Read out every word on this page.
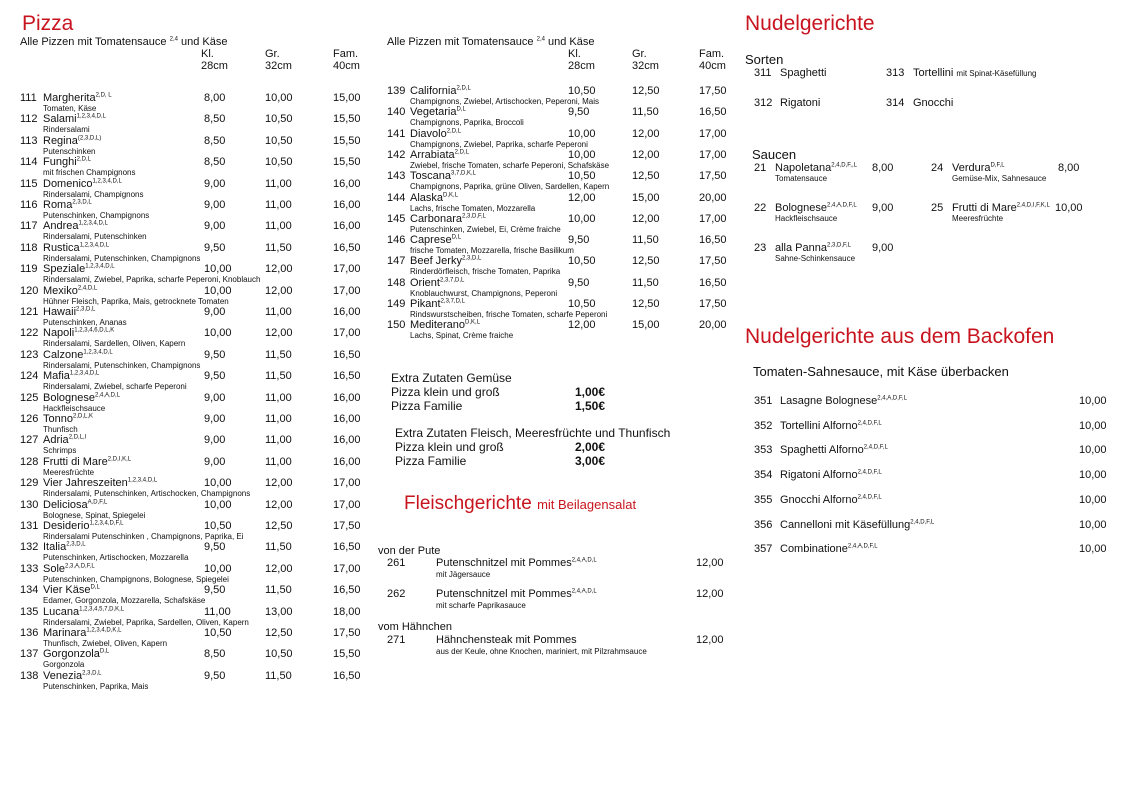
Pizza
Alle Pizzen mit Tomatensauce $^{2,4}$ und Käse
Kl.
28cm
Gr.
32cm
Fam.
40cm
111 Margherita$^{2,D, L}$
Tomaten, Käse
8,00	10,00	15,00
112 Salami$^{1,2,3,4,D,L}$
Rindersalami
8,50	10,50	15,50
113 Regina$^{(2,3,D,L)}$
Putenschinken
8,50	10,50	15,50
114 Funghi$^{2,D,L}$
mit frischen Champignons
8,50	10,50	15,50
115 Domenico$^{1,2,3,4,D,L}$
Rindersalami, Champignons
9,00	11,00	16,00
116 Roma$^{2,3,D,L}$
Putenschinken, Champignons
9,00	11,00	16,00
117 Andrea$^{1,2,3,4,D,L}$
Rindersalami, Putenschinken
9,00	11,00	16,00
118 Rustica$^{1,2,3,4,D,L}$
Rindersalami, Putenschinken, Champignons
9,50	11,50	16,50
119 Speziale$^{1,2,3,4,D,L}$
Rindersalami, Zwiebel, Paprika, scharfe Peperoni, Knoblauch
10,00	12,00	17,00
120 Mexiko$^{2,4,D,L}$
Hühner Fleisch, Paprika, Mais, getrocknete Tomaten
10,00	12,00	17,00
121 Hawaii$^{2,3,D,L}$
Putenschinken, Ananas
9,00	11,00	16,00
122 Napoli$^{1,2,3,4,6,D,L,K}$
Rindersalami, Sardellen, Oliven, Kapern
10,00	12,00	17,00
123 Calzone$^{1,2,3,4,D,L}$
Rindersalami, Putenschinken, Champignons
9,50	11,50	16,50
124 Mafia$^{1,2,3,4,D,L}$
Rindersalami, Zwiebel, scharfe Peperoni
9,50	11,50	16,50
125 Bolognese$^{2,4,A,D,L}$
Hackfleischsauce
9,00	11,00	16,00
126 Tonno$^{2,D,L,K}$
Thunfisch
9,00	11,00	16,00
127 Adria$^{2,D,L,I}$
Schrimps
9,00	11,00	16,00
128 Frutti di Mare$^{2,D,I,K,L}$
Meeresfrüchte
9,00	11,00	16,00
129 Vier Jahreszeiten$^{1,2,3,4,D,L}$
Rindersalami, Putenschinken, Artischocken, Champignons
10,00	12,00	17,00
130 Deliciosa$^{A,D,F,L}$
Bolognese, Spinat, Spiegelei
10,00	12,00	17,00
131 Desiderio$^{1,2,3,4,D,F,L}$
Rindersalami Putenschinken , Champignons, Paprika, Ei
10,50	12,50	17,50
132 Italia$^{2,3,D,L}$
Putenschinken, Artischocken, Mozzarella
9,50	11,50	16,50
133 Sole$^{2,3,A,D,F,L}$
Putenschinken, Champignons, Bolognese, Spiegelei
10,00	12,00	17,00
134 Vier Käse$^{D,L}$
Edamer, Gorgonzola, Mozzarella, Schafskäse
9,50	11,50	16,50
135 Lucana$^{1,2,3,4,5,7,D,K,L}$
Rindersalami, Zwiebel, Paprika, Sardellen, Oliven, Kapern
11,00	13,00	18,00
136 Marinara$^{1,2,3,4,D,K,L}$
Thunfisch, Zwiebel, Oliven, Kapern
10,50	12,50	17,50
137 Gorgonzola$^{D,L}$
Gorgonzola
8,50	10,50	15,50
138 Venezia$^{2,3,D,L}$
Putenschinken, Paprika, Mais
9,50	11,50	16,50
Alle Pizzen mit Tomatensauce $^{2,4}$ und Käse
Kl.
28cm
Gr.
32cm
Fam.
40cm
139 California$^{2,D,L}$
Champignons, Zwiebel, Artischocken, Peperoni, Mais
10,50	12,50	17,50
140 Vegetaria$^{D,L}$
Champignons, Paprika, Broccoli
9,50	11,50	16,50
141 Diavolo$^{2,D,L}$
Champignons, Zwiebel, Paprika, scharfe Peperoni
10,00	12,00	17,00
142 Arrabiata$^{2,D,L}$
Zwiebel, frische Tomaten, scharfe Peperoni, Schafskäse
10,00	12,00	17,00
143 Toscana$^{3,7,D,K,L}$
Champignons, Paprika, grüne Oliven, Sardellen, Kapern
10,50	12,50	17,50
144 Alaska$^{D,K,L}$
Lachs, frische Tomaten, Mozzarella
12,00	15,00	20,00
145 Carbonara$^{2,3,D,F,L}$
Putenschinken, Zwiebel, Ei, Crème fraiche
10,00	12,00	17,00
146 Caprese$^{D,L}$
frische Tomaten, Mozzarella, frische Basilikum
9,50	11,50	16,50
147 Beef Jerky$^{2,3,D,L}$
Rinderdörfleisch, frische Tomaten, Paprika
10,50	12,50	17,50
148 Orient$^{2,3,7,D,L}$
Knoblauchwurst, Champignons, Peperoni
9,50	11,50	16,50
149 Pikant$^{2,3,7,D,L}$
Rindswurstscheiben, frische Tomaten, scharfe Peperoni
10,50	12,50	17,50
150 Mediterano$^{D,K,L}$
Lachs, Spinat, Crème fraiche
12,00	15,00	20,00
Extra Zutaten Gemüse
Pizza klein und groß	1,00€
Pizza Familie	1,50€
Extra Zutaten Fleisch, Meeresfrüchte und Thunfisch
Pizza klein und groß	2,00€
Pizza Familie	3,00€
Fleischgerichte mit Beilagensalat
von der Pute
261	Putenschnitzel mit Pommes$^{2,4,A,D,L}$
mit Jägersauce
12,00
262	Putenschnitzel mit Pommes$^{2,4,A,D,L}$
mit scharfe Paprikasauce
12,00
vom Hähnchen
271	Hähnchensteak mit Pommes
aus der Keule, ohne Knochen, mariniert, mit Pilzrahmsauce
12,00
Nudelgerichte
Sorten
311 Spaghetti	313 Tortellini mit Spinat-Käsefüllung
312 Rigatoni	314 Gnocchi
Saucen
21 Napoletana$^{2,4,D,F,,L}$
Tomatensauce
8,00	24 Verdura$^{D,F,L}$
Gemüse-Mix, Sahnesauce
8,00
22 Bolognese$^{2,4,A,D,F,L}$
Hackfleischsauce
9,00	25 Frutti di Mare$^{2,4,D,I,F,K,L}$
Meeresfrüchte
10,00
23 alla Panna$^{2,3,D,F,L}$
Sahne-Schinkensauce
9,00
Nudelgerichte aus dem Backofen
Tomaten-Sahnesauce, mit Käse überbacken
351 Lasagne Bolognese$^{2,4,A,D,F,L}$	10,00
352 Tortellini Alforno$^{2,4,D,F,L}$	10,00
353 Spaghetti Alforno$^{2,4,D,F,L}$	10,00
354 Rigatoni Alforno$^{2,4,D,F,L}$	10,00
355 Gnocchi Alforno$^{2,4,D,F,L}$	10,00
356 Cannelloni mit Käsefüllung$^{2,4,D,F,L}$	10,00
357 Combinatione$^{2,4,A,D,F,L}$	10,00
